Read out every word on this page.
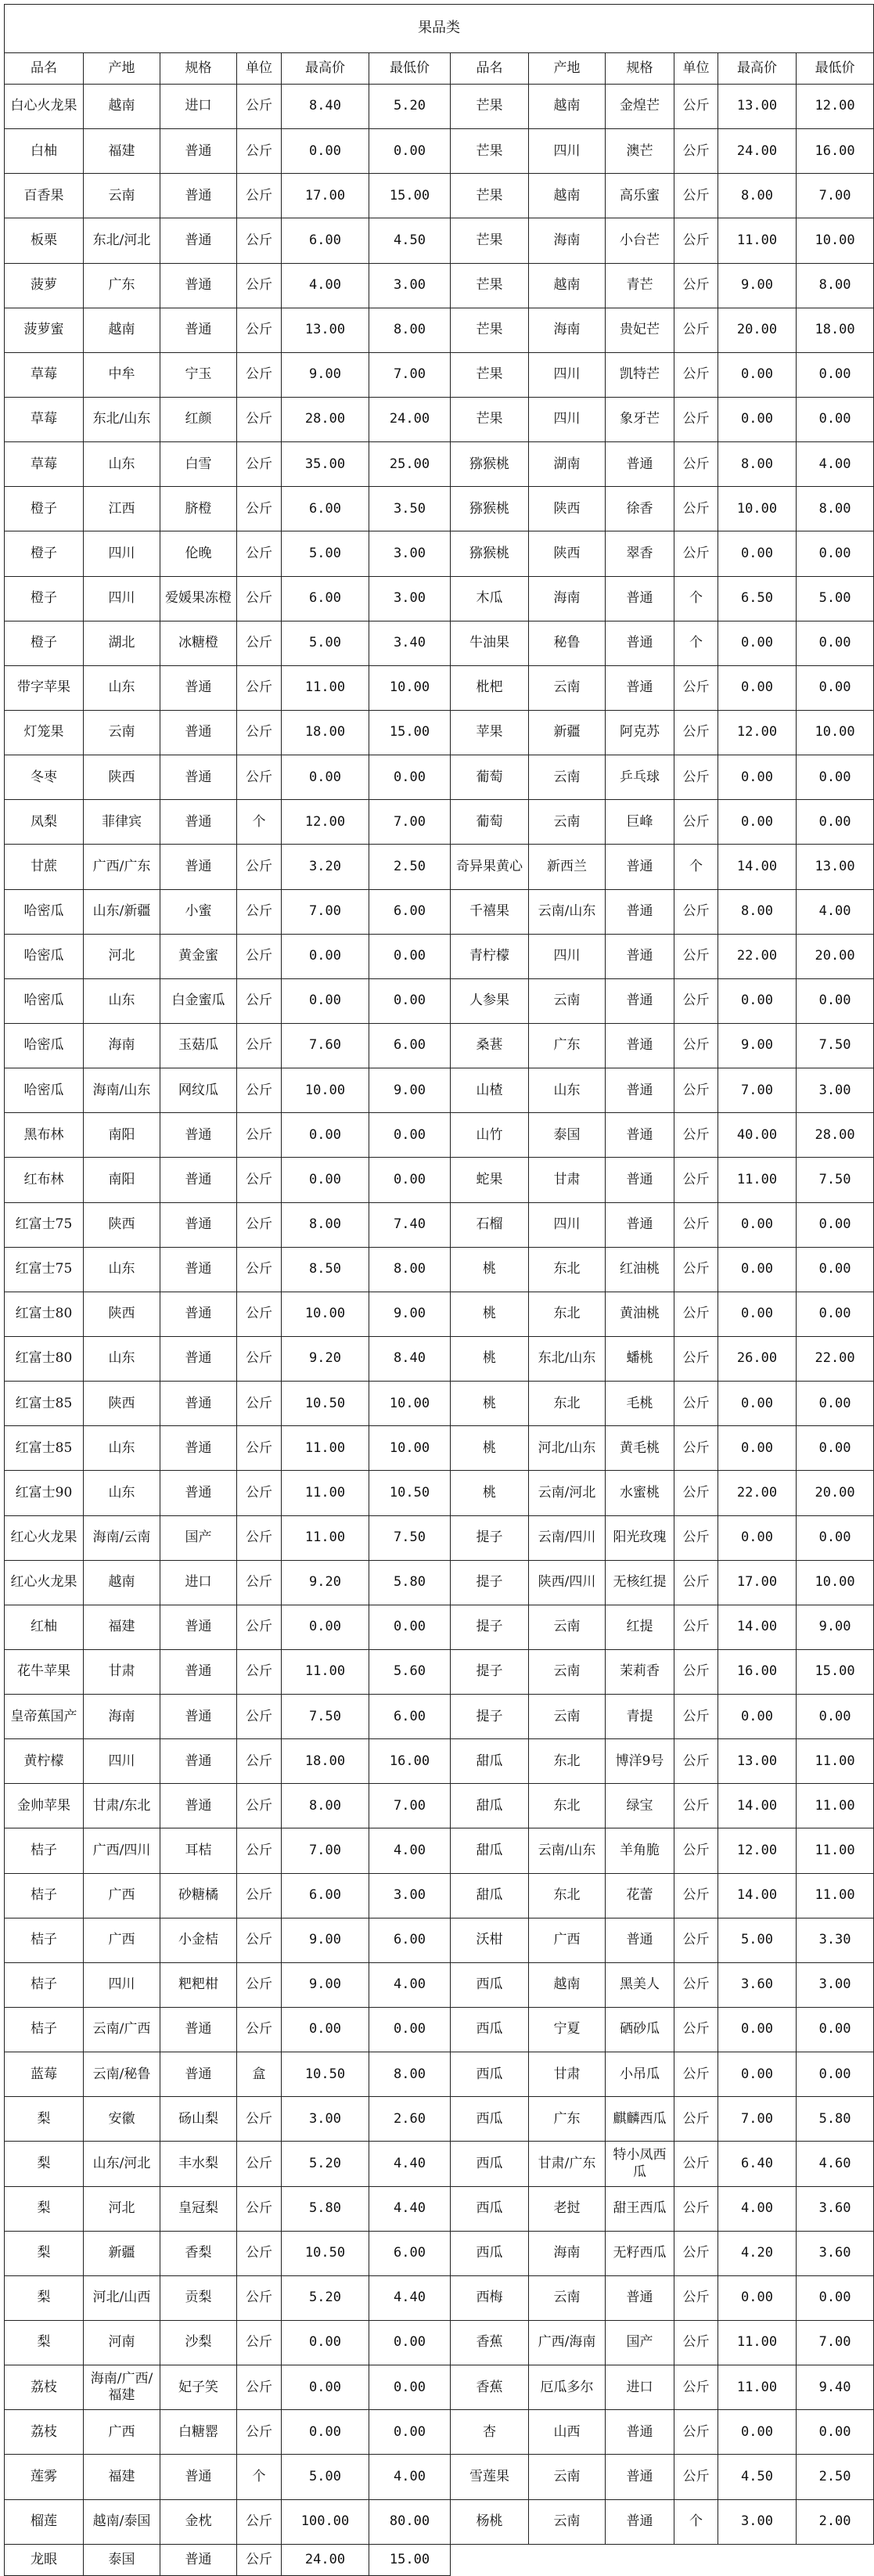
果品类											
品名	产地	规格	单位	最高价	最低价	品名	产地	规格	单位	最高价	最低价
白心火龙果	越南	进口	公斤	8.40	5.20	芒果	越南	金煌芒	公斤	13.00	12.00
白柚	福建	普通	公斤	0.00	0.00	芒果	四川	澳芒	公斤	24.00	16.00
百香果	云南	普通	公斤	17.00	15.00	芒果	越南	高乐蜜	公斤	8.00	7.00
板栗	东北/河北	普通	公斤	6.00	4.50	芒果	海南	小台芒	公斤	11.00	10.00
菠萝	广东	普通	公斤	4.00	3.00	芒果	越南	青芒	公斤	9.00	8.00
菠萝蜜	越南	普通	公斤	13.00	8.00	芒果	海南	贵妃芒	公斤	20.00	18.00
草莓	中牟	宁玉	公斤	9.00	7.00	芒果	四川	凯特芒	公斤	0.00	0.00
草莓	东北/山东	红颜	公斤	28.00	24.00	芒果	四川	象牙芒	公斤	0.00	0.00
草莓	山东	白雪	公斤	35.00	25.00	猕猴桃	湖南	普通	公斤	8.00	4.00
橙子	江西	脐橙	公斤	6.00	3.50	猕猴桃	陕西	徐香	公斤	10.00	8.00
橙子	四川	伦晚	公斤	5.00	3.00	猕猴桃	陕西	翠香	公斤	0.00	0.00
橙子	四川	爱媛果冻橙	公斤	6.00	3.00	木瓜	海南	普通	个	6.50	5.00
橙子	湖北	冰糖橙	公斤	5.00	3.40	牛油果	秘鲁	普通	个	0.00	0.00
带字苹果	山东	普通	公斤	11.00	10.00	枇杷	云南	普通	公斤	0.00	0.00
灯笼果	云南	普通	公斤	18.00	15.00	苹果	新疆	阿克苏	公斤	12.00	10.00
冬枣	陕西	普通	公斤	0.00	0.00	葡萄	云南	乒乓球	公斤	0.00	0.00
凤梨	菲律宾	普通	个	12.00	7.00	葡萄	云南	巨峰	公斤	0.00	0.00
甘蔗	广西/广东	普通	公斤	3.20	2.50	奇异果黄心	新西兰	普通	个	14.00	13.00
哈密瓜	山东/新疆	小蜜	公斤	7.00	6.00	千禧果	云南/山东	普通	公斤	8.00	4.00
哈密瓜	河北	黄金蜜	公斤	0.00	0.00	青柠檬	四川	普通	公斤	22.00	20.00
哈密瓜	山东	白金蜜瓜	公斤	0.00	0.00	人参果	云南	普通	公斤	0.00	0.00
哈密瓜	海南	玉菇瓜	公斤	7.60	6.00	桑葚	广东	普通	公斤	9.00	7.50
哈密瓜	海南/山东	网纹瓜	公斤	10.00	9.00	山楂	山东	普通	公斤	7.00	3.00
黑布林	南阳	普通	公斤	0.00	0.00	山竹	泰国	普通	公斤	40.00	28.00
红布林	南阳	普通	公斤	0.00	0.00	蛇果	甘肃	普通	公斤	11.00	7.50
红富士75	陕西	普通	公斤	8.00	7.40	石榴	四川	普通	公斤	0.00	0.00
红富士75	山东	普通	公斤	8.50	8.00	桃	东北	红油桃	公斤	0.00	0.00
红富士80	陕西	普通	公斤	10.00	9.00	桃	东北	黄油桃	公斤	0.00	0.00
红富士80	山东	普通	公斤	9.20	8.40	桃	东北/山东	蟠桃	公斤	26.00	22.00
红富士85	陕西	普通	公斤	10.50	10.00	桃	东北	毛桃	公斤	0.00	0.00
红富士85	山东	普通	公斤	11.00	10.00	桃	河北/山东	黄毛桃	公斤	0.00	0.00
红富士90	山东	普通	公斤	11.00	10.50	桃	云南/河北	水蜜桃	公斤	22.00	20.00
红心火龙果	海南/云南	国产	公斤	11.00	7.50	提子	云南/四川	阳光玫瑰	公斤	0.00	0.00
红心火龙果	越南	进口	公斤	9.20	5.80	提子	陕西/四川	无核红提	公斤	17.00	10.00
红柚	福建	普通	公斤	0.00	0.00	提子	云南	红提	公斤	14.00	9.00
花牛苹果	甘肃	普通	公斤	11.00	5.60	提子	云南	茉莉香	公斤	16.00	15.00
皇帝蕉国产	海南	普通	公斤	7.50	6.00	提子	云南	青提	公斤	0.00	0.00
黄柠檬	四川	普通	公斤	18.00	16.00	甜瓜	东北	博洋9号	公斤	13.00	11.00
金帅苹果	甘肃/东北	普通	公斤	8.00	7.00	甜瓜	东北	绿宝	公斤	14.00	11.00
桔子	广西/四川	耳桔	公斤	7.00	4.00	甜瓜	云南/山东	羊角脆	公斤	12.00	11.00
桔子	广西	砂糖橘	公斤	6.00	3.00	甜瓜	东北	花蕾	公斤	14.00	11.00
桔子	广西	小金桔	公斤	9.00	6.00	沃柑	广西	普通	公斤	5.00	3.30
桔子	四川	粑粑柑	公斤	9.00	4.00	西瓜	越南	黑美人	公斤	3.60	3.00
桔子	云南/广西	普通	公斤	0.00	0.00	西瓜	宁夏	硒砂瓜	公斤	0.00	0.00
蓝莓	云南/秘鲁	普通	盒	10.50	8.00	西瓜	甘肃	小吊瓜	公斤	0.00	0.00
梨	安徽	砀山梨	公斤	3.00	2.60	西瓜	广东	麒麟西瓜	公斤	7.00	5.80
梨	山东/河北	丰水梨	公斤	5.20	4.40	西瓜	甘肃/广东	特小凤西瓜	公斤	6.40	4.60
梨	河北	皇冠梨	公斤	5.80	4.40	西瓜	老挝	甜王西瓜	公斤	4.00	3.60
梨	新疆	香梨	公斤	10.50	6.00	西瓜	海南	无籽西瓜	公斤	4.20	3.60
梨	河北/山西	贡梨	公斤	5.20	4.40	西梅	云南	普通	公斤	0.00	0.00
梨	河南	沙梨	公斤	0.00	0.00	香蕉	广西/海南	国产	公斤	11.00	7.00
荔枝	海南/广西/福建	妃子笑	公斤	0.00	0.00	香蕉	厄瓜多尔	进口	公斤	11.00	9.40
荔枝	广西	白糖罂	公斤	0.00	0.00	杏	山西	普通	公斤	0.00	0.00
莲雾	福建	普通	个	5.00	4.00	雪莲果	云南	普通	公斤	4.50	2.50
榴莲	越南/泰国	金枕	公斤	100.00	80.00	杨桃	云南	普通	个	3.00	2.00
龙眼	泰国	普通	公斤	24.00	15.00						
